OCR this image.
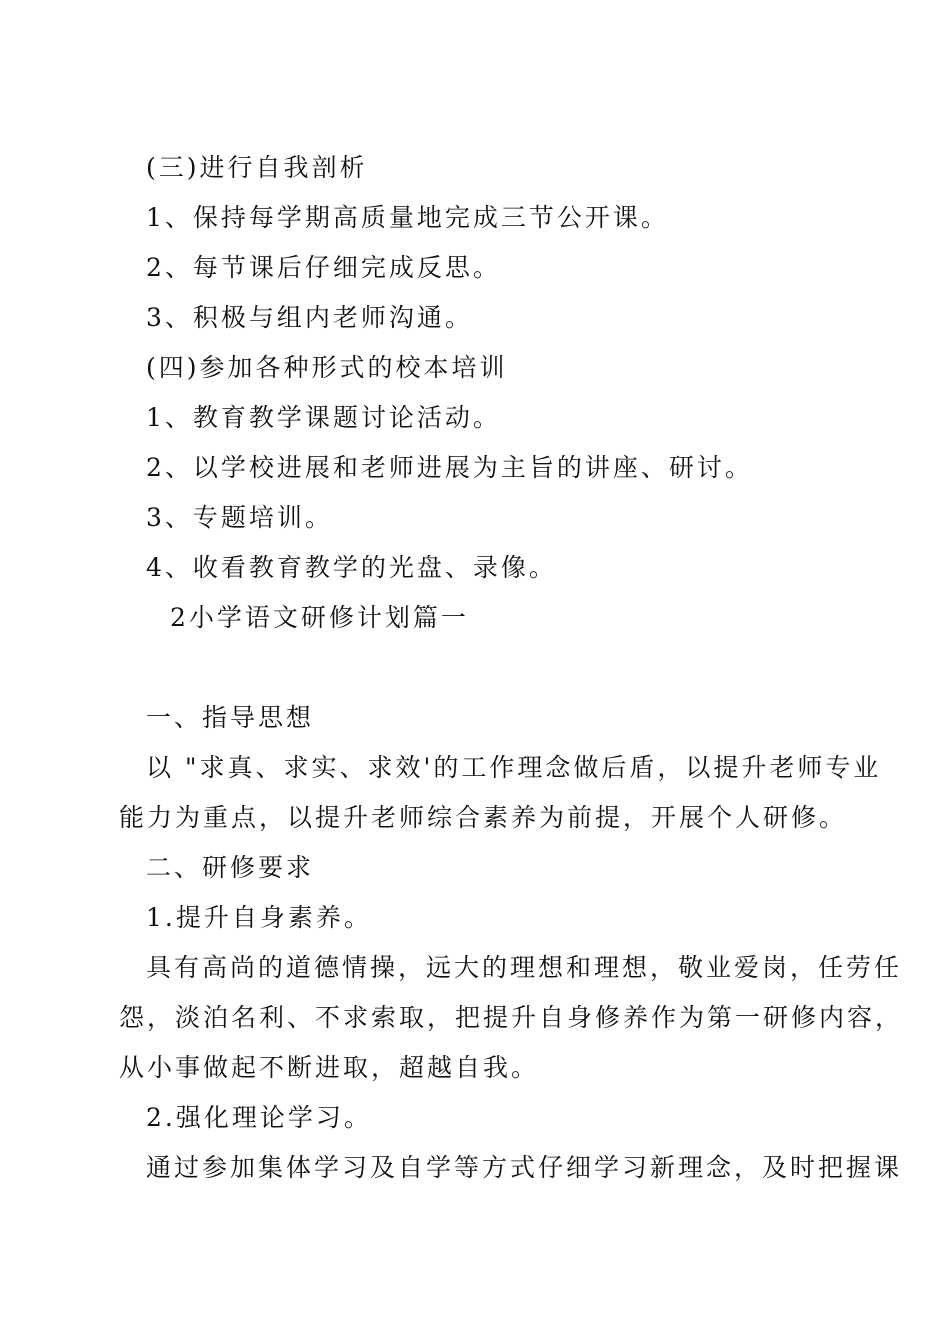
(三)进行自我剖析
1、保持每学期高质量地完成三节公开课。
2、每节课后仔细完成反思。
3、积极与组内老师沟通。
(四)参加各种形式的校本培训
1、教育教学课题讨论活动。
2、以学校进展和老师进展为主旨的讲座、研讨。
3、专题培训。
4、收看教育教学的光盘、录像。
2小学语文研修计划篇一
一、指导思想
以 "求真、求实、求效'的工作理念做后盾，以提升老师专业
能力为重点，以提升老师综合素养为前提，开展个人研修。
二、研修要求
1.提升自身素养。
具有高尚的道德情操，远大的理想和理想，敬业爱岗，任劳任
怨，淡泊名利、不求索取，把提升自身修养作为第一研修内容，
从小事做起不断进取，超越自我。
2.强化理论学习。
通过参加集体学习及自学等方式仔细学习新理念，及时把握课
